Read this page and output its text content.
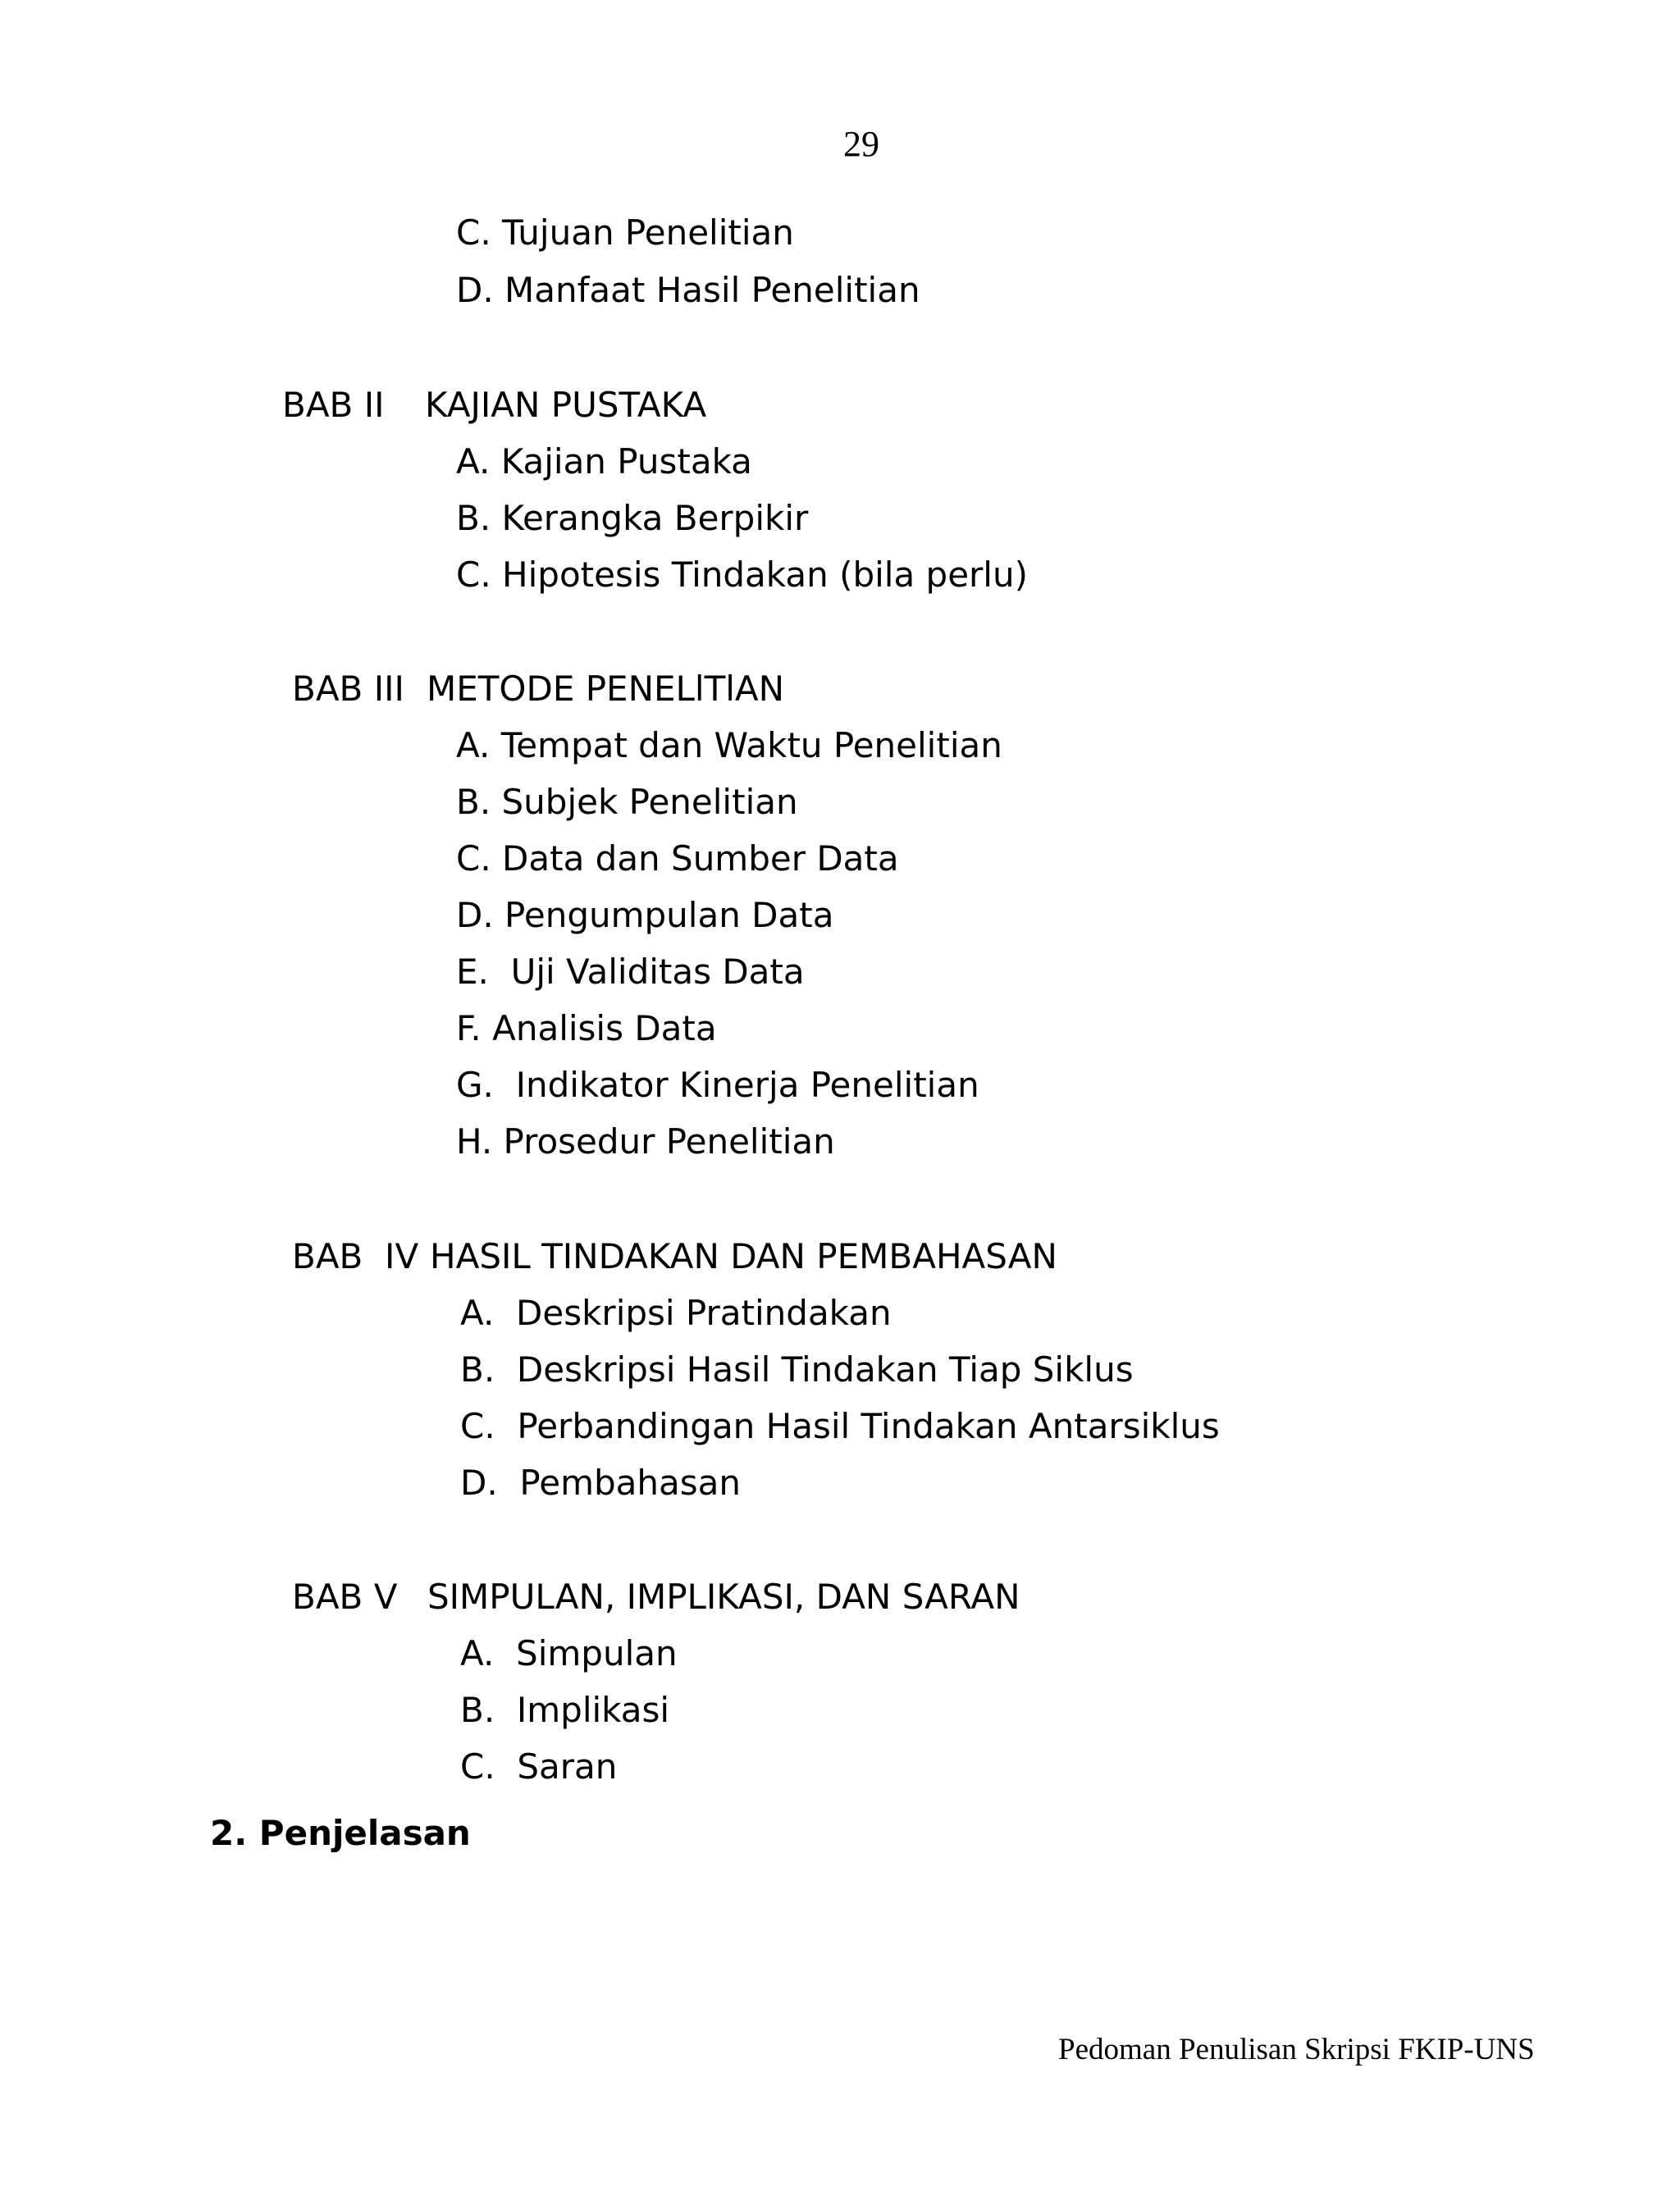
29
C. Tujuan Penelitian
D. Manfaat Hasil Penelitian
BAB II KAJIAN PUSTAKA
A. Kajian Pustaka
B. Kerangka Berpikir
C. Hipotesis Tindakan (bila perlu)
BAB III METODE PENELlTlAN
A. Tempat dan Waktu Penelitian
B. Subjek Penelitian
C. Data dan Sumber Data
D. Pengumpulan Data
E.  Uji Validitas Data
F. Analisis Data
G.  Indikator Kinerja Penelitian
H. Prosedur Penelitian
BAB  IV HASIL TINDAKAN DAN PEMBAHASAN
A.  Deskripsi Pratindakan
B.  Deskripsi Hasil Tindakan Tiap Siklus
C.  Perbandingan Hasil Tindakan Antarsiklus
D.  Pembahasan
BAB V SIMPULAN, IMPLIKASI, DAN SARAN
A.  Simpulan
B.  Implikasi
C.  Saran
2. Penjelasan
Pedoman Penulisan Skripsi FKIP-UNS
